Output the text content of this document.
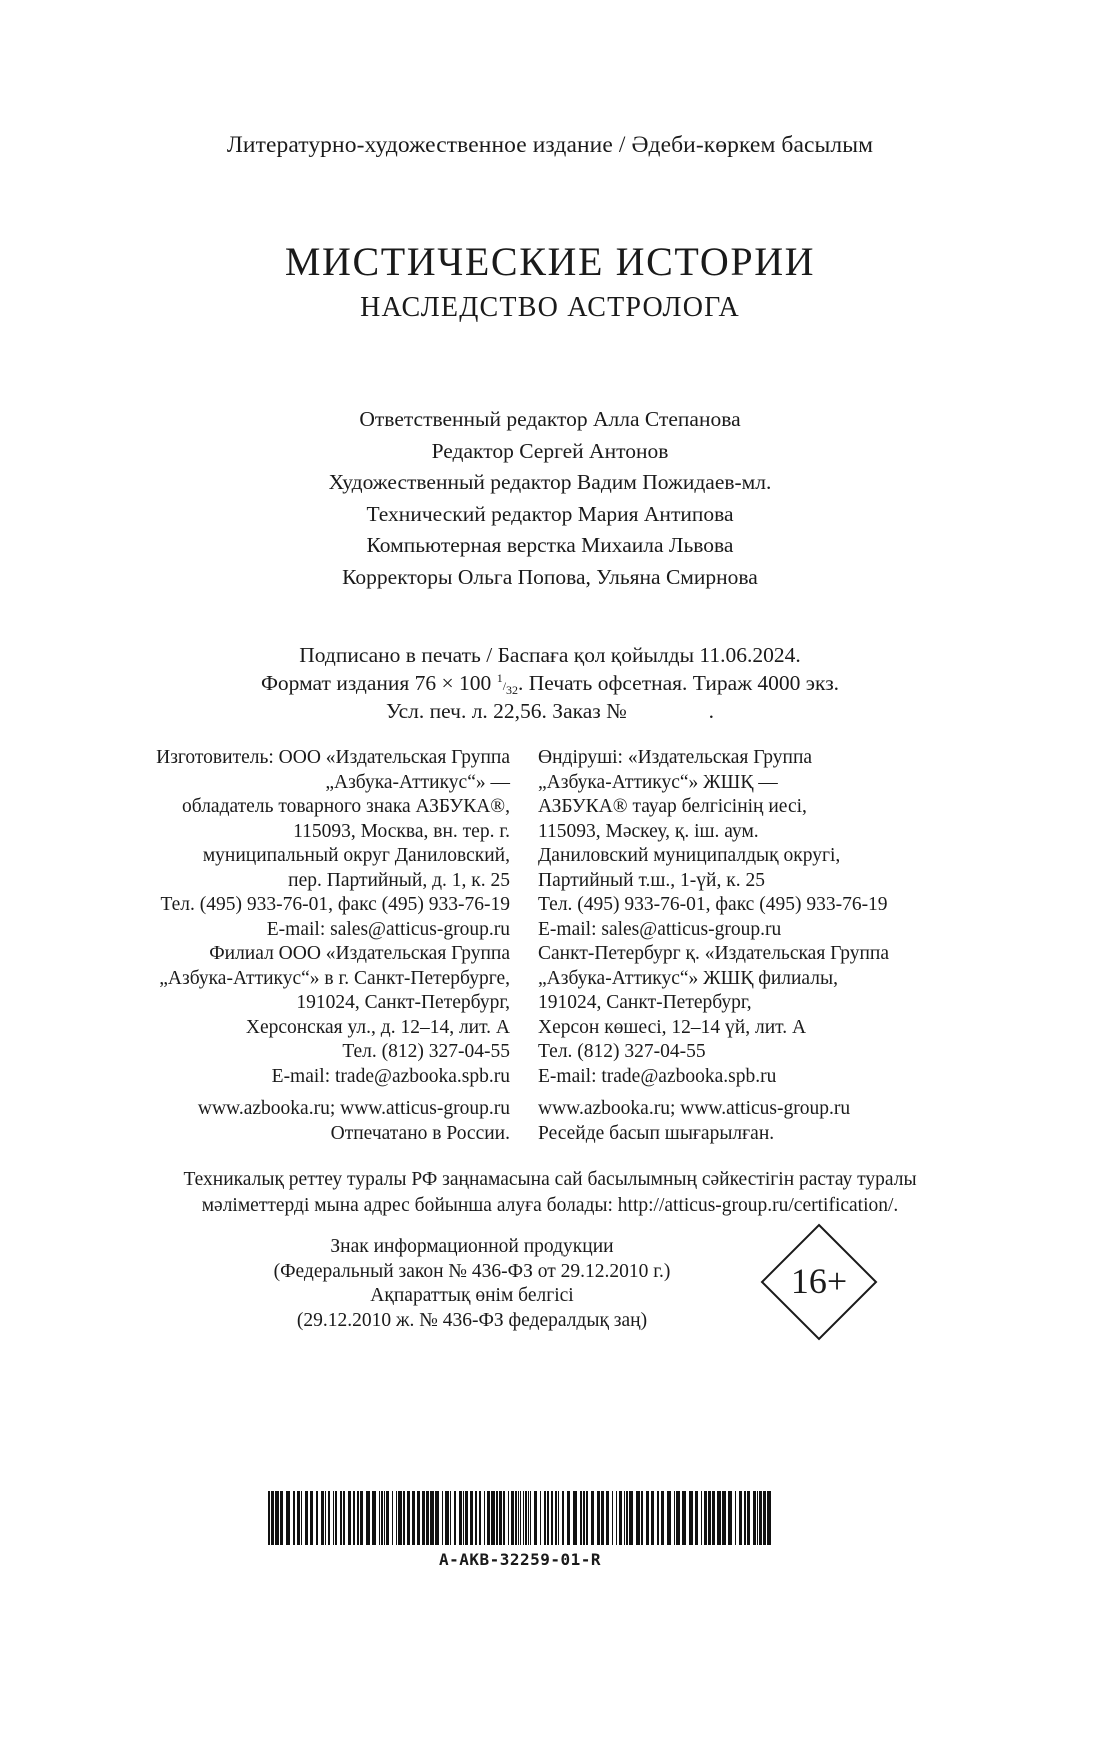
Литературно-художественное издание / Әдеби-көркем басылым
МИСТИЧЕСКИЕ ИСТОРИИ
НАСЛЕДСТВО АСТРОЛОГА
Ответственный редактор Алла Степанова
Редактор Сергей Антонов
Художественный редактор Вадим Пожидаев-мл.
Технический редактор Мария Антипова
Компьютерная верстка Михаила Львова
Корректоры Ольга Попова, Ульяна Смирнова
Подписано в печать / Баспаға қол қойылды 11.06.2024.
Формат издания 76 × 100 1/32. Печать офсетная. Тираж 4000 экз.
Усл. печ. л. 22,56. Заказ №	.
Изготовитель: ООО «Издательская Группа
„Азбука-Аттикус“» —
обладатель товарного знака АЗБУКА®,
115093, Москва, вн. тер. г.
муниципальный округ Даниловский,
пер. Партийный, д. 1, к. 25
Тел. (495) 933-76-01, факс (495) 933-76-19
E-mail: sales@atticus-group.ru
Өндіруші: «Издательская Группа
„Азбука-Аттикус“» ЖШҚ —
АЗБУКА® тауар белгісінің иесі,
115093, Мәскеу, қ. іш. аум.
Даниловский муниципалдық округі,
Партийный т.ш., 1-үй, к. 25
Тел. (495) 933-76-01, факс (495) 933-76-19
E-mail: sales@atticus-group.ru
Филиал ООО «Издательская Группа
„Азбука-Аттикус“» в г. Санкт-Петербурге,
191024, Санкт-Петербург,
Херсонская ул., д. 12–14, лит. А
Тел. (812) 327-04-55
E-mail: trade@azbooka.spb.ru
Санкт-Петербург қ. «Издательская Группа
„Азбука-Аттикус“» ЖШҚ филиалы,
191024, Санкт-Петербург,
Херсон көшесі, 12–14 үй, лит. А
Тел. (812) 327-04-55
E-mail: trade@azbooka.spb.ru
www.azbooka.ru; www.atticus-group.ru
Отпечатано в России.
www.azbooka.ru; www.atticus-group.ru
Ресейде басып шығарылған.
Техникалық реттеу туралы РФ заңнамасына сай басылымның сәйкестігін растау туралы
мәліметтерді мына адрес бойынша алуға болады: http://atticus-group.ru/certification/.
Знак информационной продукции
(Федеральный закон № 436-ФЗ от 29.12.2010 г.)
Ақпараттық өнім белгісі
(29.12.2010 ж. № 436-ФЗ федералдық заң)
16+
A-AKB-32259-01-R
